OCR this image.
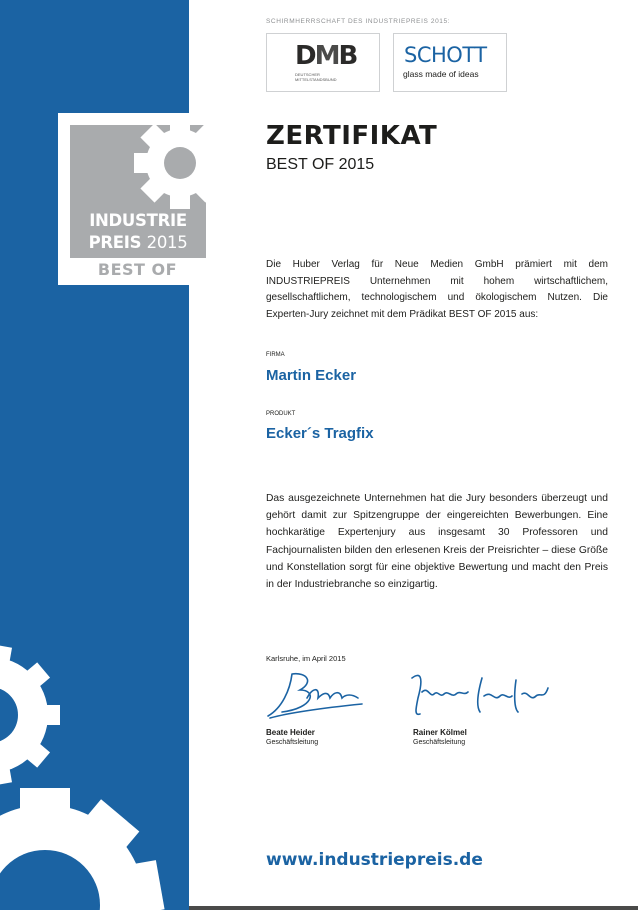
INDUSTRIE
PREIS 2015
BEST OF
SCHIRMHERRSCHAFT DES INDUSTRIEPREIS 2015:
DMB
DEUTSCHER
MITTELSTANDSBUND
SCHOTT
glass made of ideas
ZERTIFIKAT
BEST OF 2015
Die Huber Verlag für Neue Medien GmbH prämiert mit dem INDUSTRIEPREIS Unternehmen mit hohem wirtschaftlichem, gesellschaftlichem, technologischem und ökologischem Nutzen. Die Experten-Jury zeichnet mit dem Prädikat BEST OF 2015 aus:
FIRMA
Martin Ecker
PRODUKT
Ecker´s Tragfix
Das ausgezeichnete Unternehmen hat die Jury besonders überzeugt und gehört damit zur Spitzengruppe der eingereichten Bewerbungen. Eine hochkarätige Expertenjury aus insgesamt 30 Professoren und Fachjournalisten bilden den erlesenen Kreis der Preisrichter – diese Größe und Konstellation sorgt für eine objektive Bewertung und macht den Preis in der Industriebranche so einzigartig.
Karlsruhe, im April 2015
Beate Heider
Geschäftsleitung
Rainer Kölmel
Geschäftsleitung
www.industriepreis.de
